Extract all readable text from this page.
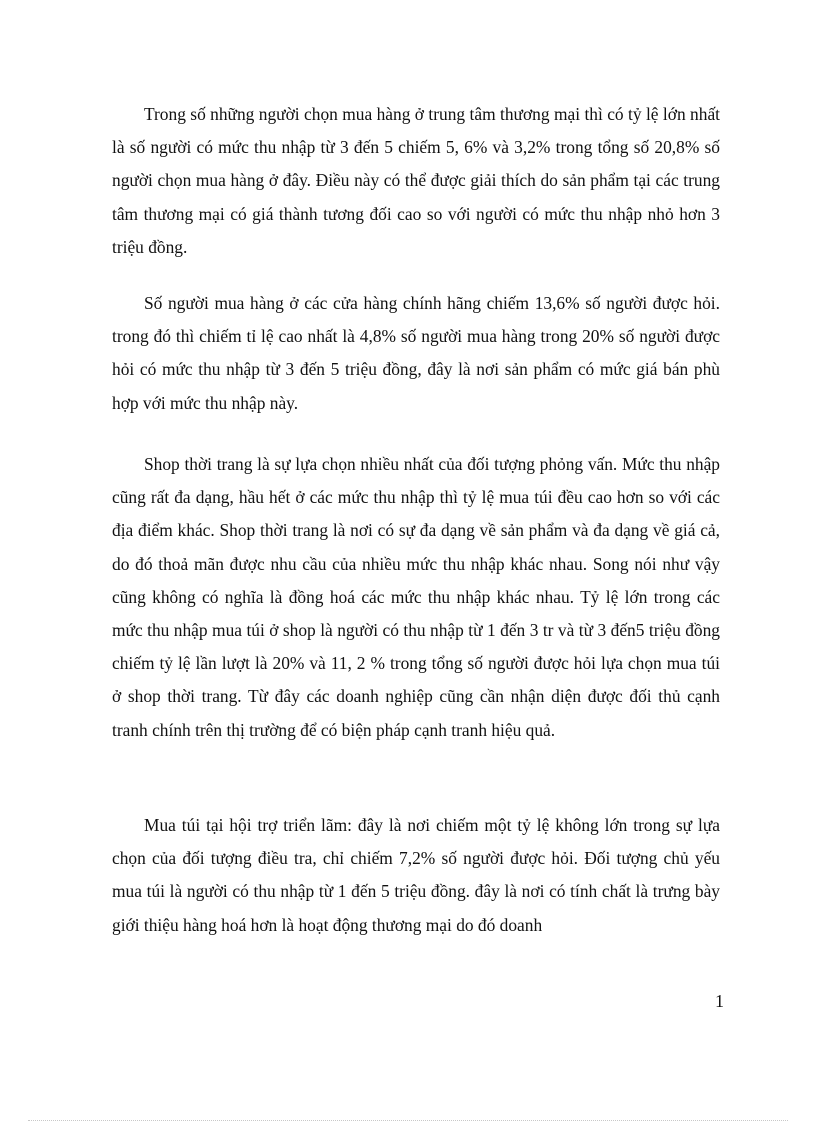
Trong số những người chọn mua hàng ở trung tâm thương mại thì có tỷ lệ lớn nhất là số người có mức thu nhập từ 3 đến 5 chiếm 5, 6% và 3,2% trong tổng số 20,8% số người chọn mua hàng ở đây. Điều này có thể được giải thích do sản phẩm tại các trung tâm thương mại có giá thành tương đối cao so với người có mức thu nhập nhỏ hơn 3 triệu đồng.

Số người mua hàng ở các cửa hàng chính hãng chiếm 13,6% số người được hỏi. trong đó thì chiếm tỉ lệ cao nhất là 4,8% số người mua hàng trong 20% số người được hỏi có mức thu nhập từ 3 đến 5 triệu đồng, đây là nơi sản phẩm có mức giá bán phù hợp với mức thu nhập này.

Shop thời trang là sự lựa chọn nhiều nhất của đối tượng phỏng vấn. Mức thu nhập cũng rất đa dạng, hầu hết ở các mức thu nhập thì tỷ lệ mua túi đều cao hơn so với các địa điểm khác. Shop thời trang là nơi có sự đa dạng về sản phẩm và đa dạng về giá cả, do đó thoả mãn được nhu cầu của nhiều mức thu nhập khác nhau. Song nói như vậy cũng không có nghĩa là đồng hoá các mức thu nhập khác nhau. Tỷ lệ lớn trong các mức thu nhập mua túi ở shop là người có thu nhập từ 1 đến 3 tr và từ 3 đến5 triệu đồng chiếm tỷ lệ lần lượt là 20% và 11, 2 % trong tổng số người được hỏi lựa chọn mua túi ở shop thời trang. Từ đây các doanh nghiệp cũng cần nhận diện được đối thủ cạnh tranh chính trên thị trường để có biện pháp cạnh tranh hiệu quả.

Mua túi tại hội trợ triển lãm: đây là nơi chiếm một tỷ lệ không lớn trong sự lựa chọn của đối tượng điều tra, chỉ chiếm 7,2% số người được hỏi. Đối tượng chủ yếu mua túi là người có thu nhập từ 1 đến 5 triệu đồng. đây là nơi có tính chất là trưng bày giới thiệu hàng hoá hơn là hoạt động thương mại do đó doanh

1
